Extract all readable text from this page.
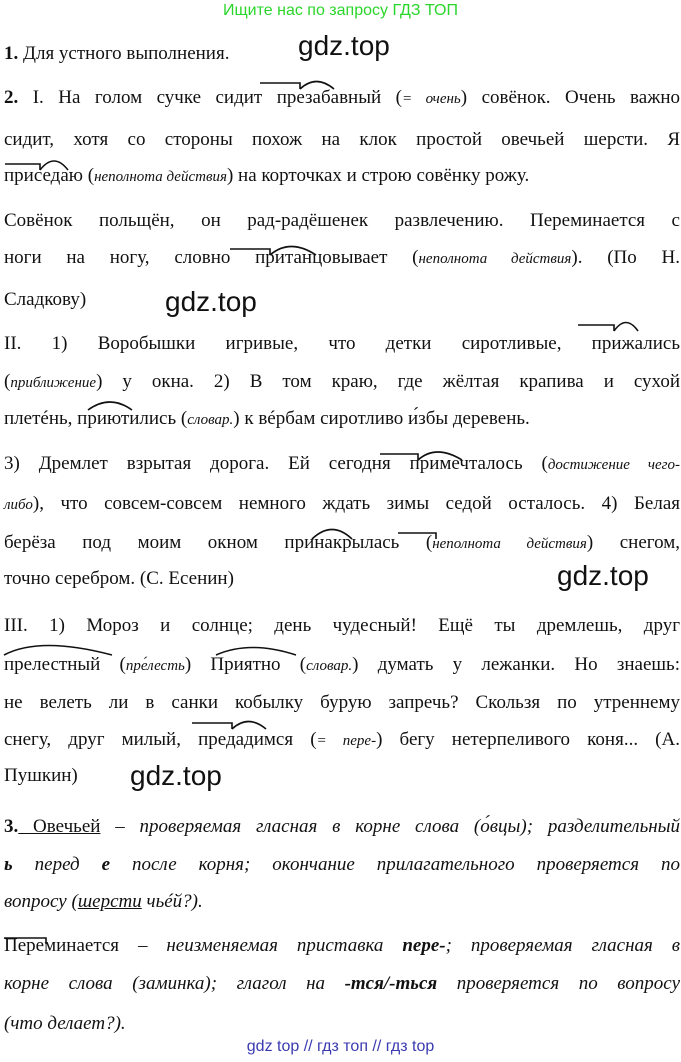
Ищите нас по запросу ГДЗ ТОП
gdz.top
gdz.top
gdz.top
gdz.top
1. Для устного выполнения.
2. I. На голом сучке сидит презабавный (= очень) совёнок. Очень важно
сидит, хотя со стороны похож на клок простой овечьей шерсти. Я
приседаю (неполнота действия) на корточках и строю совёнку рожу.
Совёнок польщён, он рад-радёшенек развлечению. Переминается с
ноги на ногу, словно пританцовывает (неполнота действия). (По Н.
Сладкову)
II. 1) Воробышки игривые, что детки сиротливые, прижались
(приближение) у окна. 2) В том краю, где жёлтая крапива и сухой
плетéнь, приютились (словар.) к вéрбам сиротливо и́збы деревень.
3) Дремлет взрытая дорога. Ей сегодня примечталось (достижение чего-
либо), что совсем-совсем немного ждать зимы седой осталось. 4) Белая
берёза под моим окном принакрылась (неполнота действия) снегом,
точно серебром. (С. Есенин)
III. 1) Мороз и солнце; день чудесный! Ещё ты дремлешь, друг
прелестный (пре́лесть) Приятно (словар.) думать у лежанки. Но знаешь:
не велеть ли в санки кобылку бурую запречь? Скользя по утреннему
снегу, друг милый, предадимся (= пере-) бегу нетерпеливого коня... (А.
Пушкин)
3. Овечьей – проверяемая гласная в корне слова (о́вцы); разделительный
ь перед е после корня; окончание прилагательного проверяется по
вопросу (шерсти чьéй?).
Переминается – неизменяемая приставка пере-; проверяемая гласная в
корне слова (заминка); глагол на -тся/-ться проверяется по вопросу
(что делает?).
gdz top // гдз топ // гдз top
